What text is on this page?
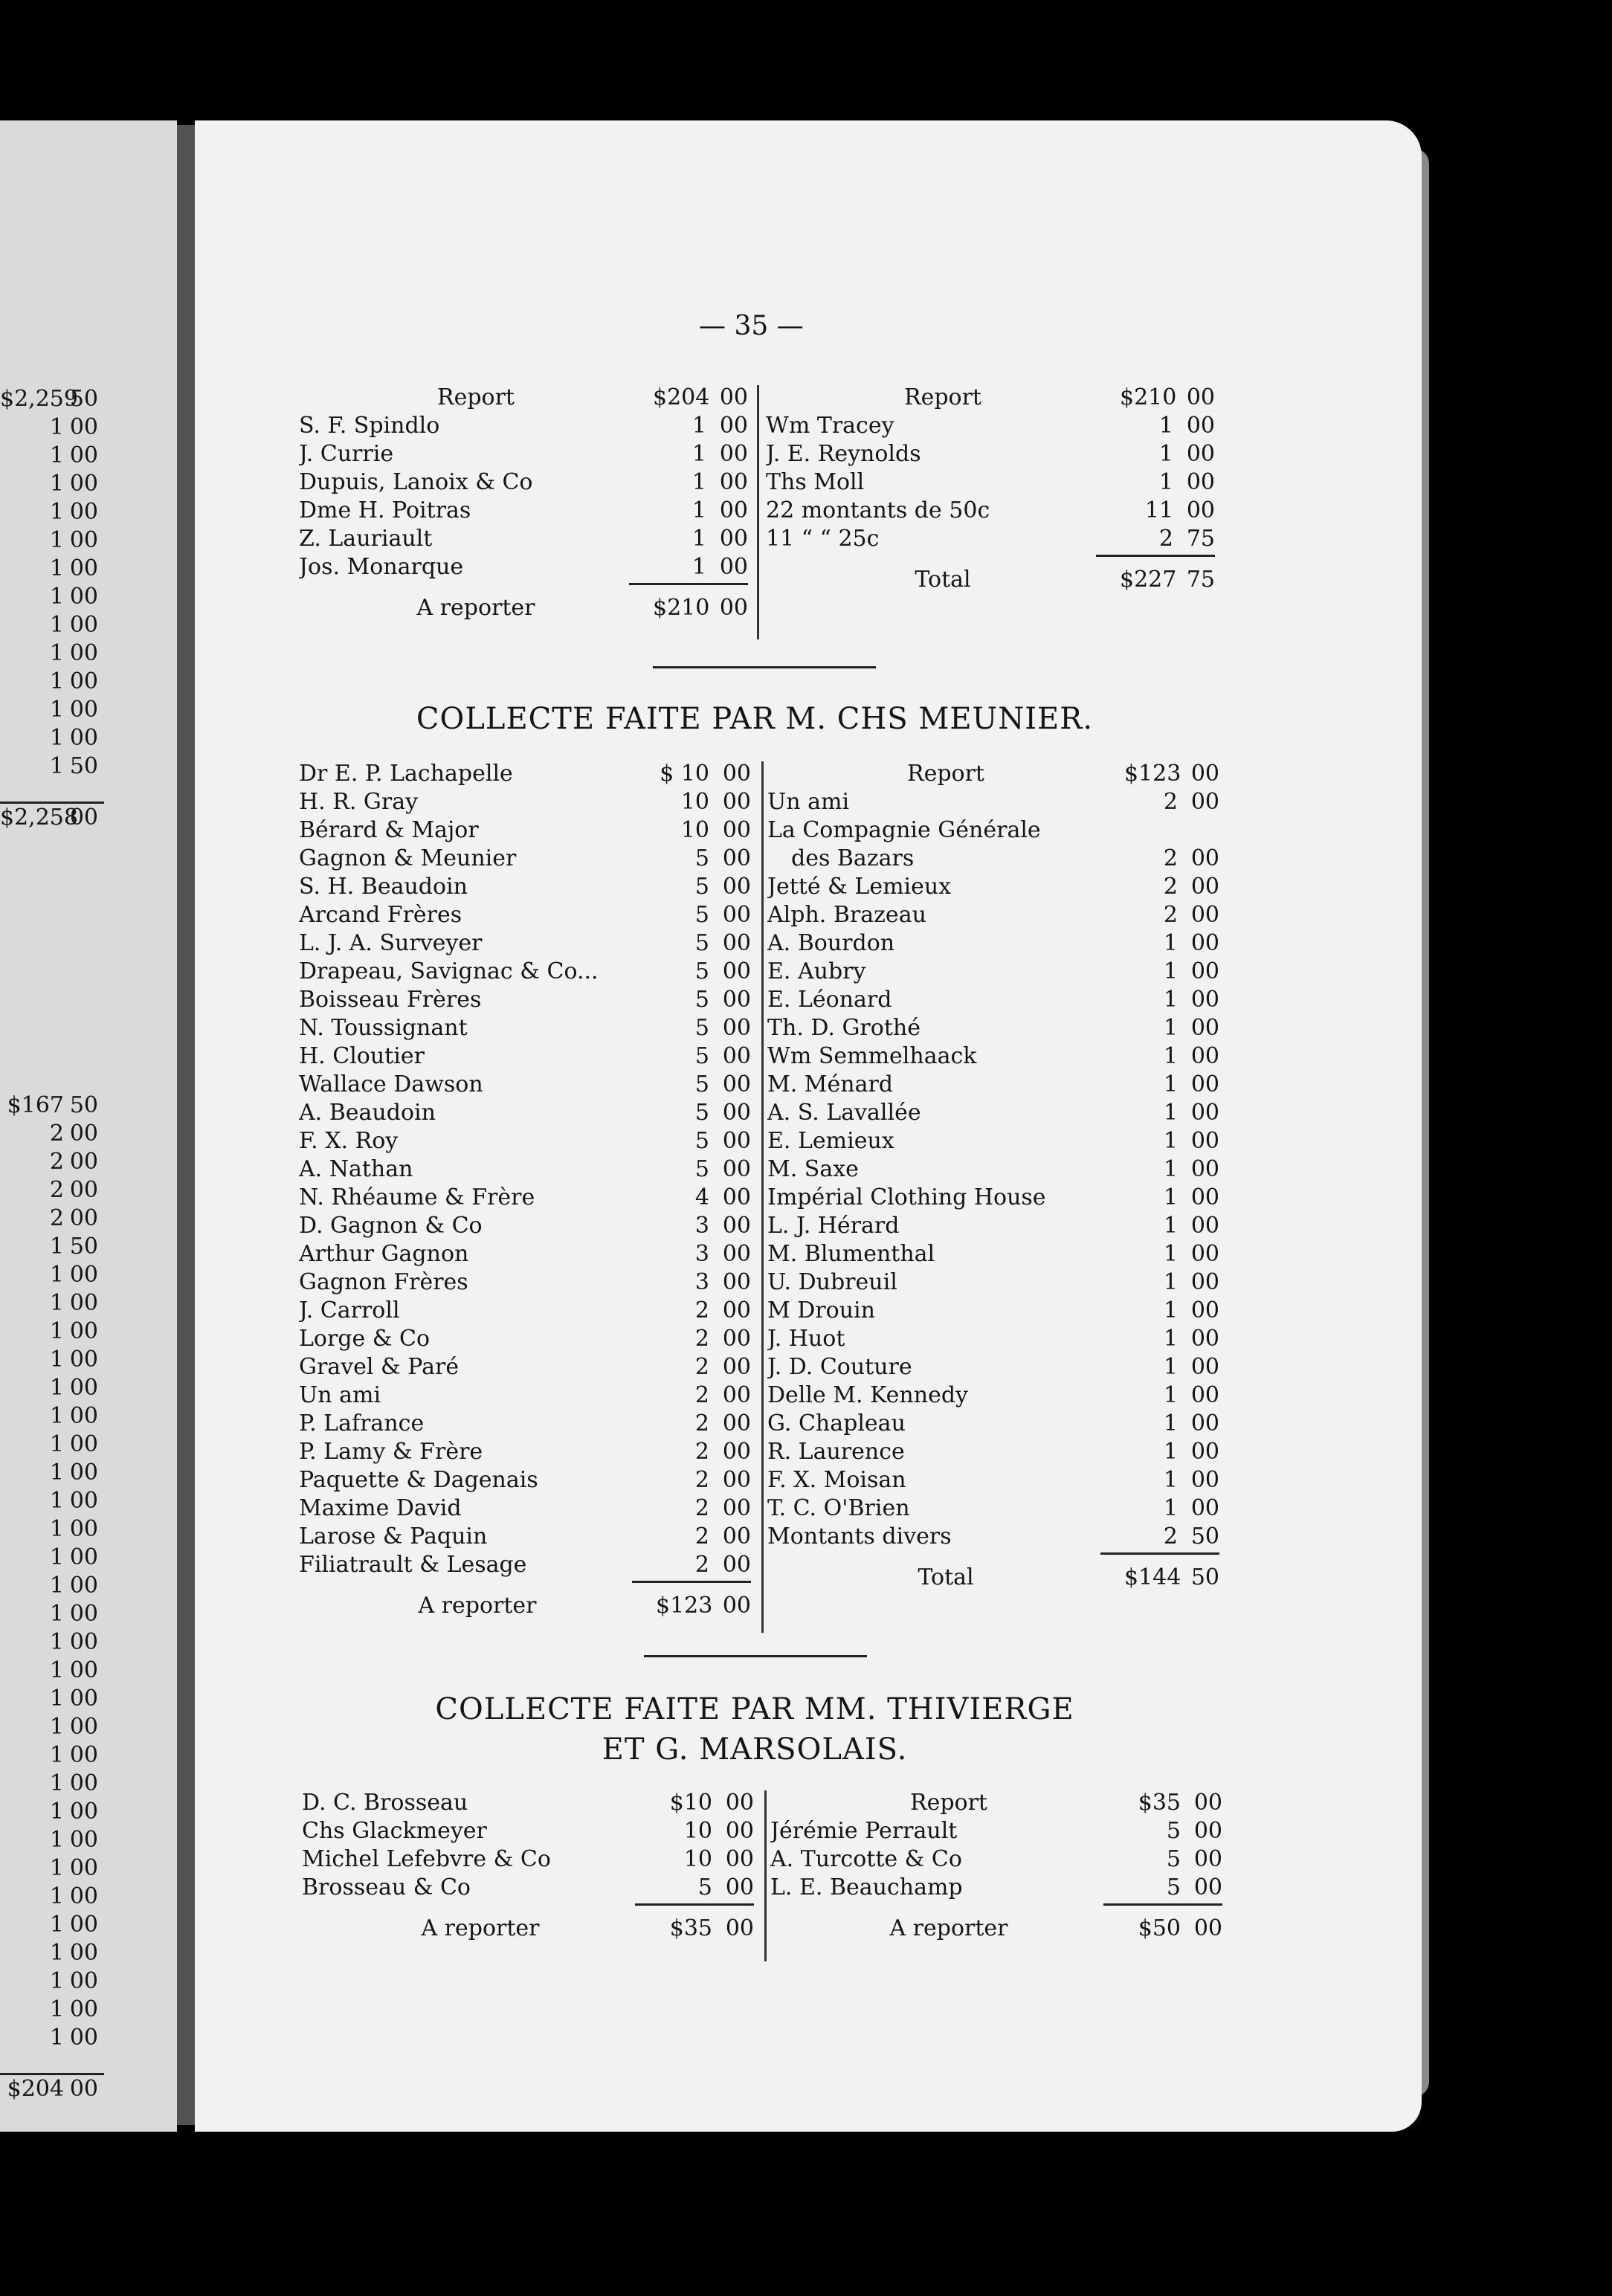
$2,25950
1 00
1 00
1 00
1 00
1 00
1 00
1 00
1 00
1 00
1 00
1 00
1 00
1 50
$2,25800
$167 50
2 00
2 00
2 00
2 00
1 50
1 00
1 00
1 00
1 00
1 00
1 00
1 00
1 00
1 00
1 00
1 00
1 00
1 00
1 00
1 00
1 00
1 00
1 00
1 00
1 00
1 00
1 00
1 00
1 00
1 00
1 00
1 00
1 00
$204 00
— 35 —
Report	$204 00
S. F. Spindlo	1 00
J. Currie	1 00
Dupuis, Lanoix & Co	1 00
Dme H. Poitras	1 00
Z. Lauriault	1 00
Jos. Monarque	1 00
A reporter	$210 00
Report	$210 00
Wm Tracey	1 00
J. E. Reynolds	1 00
Ths Moll	1 00
22 montants de 50c	11 00
11 “ “ 25c	2 75
Total	$227 75
COLLECTE FAITE PAR M. CHS MEUNIER.
Dr E. P. Lachapelle	$ 10 00
H. R. Gray	10 00
Bérard & Major	10 00
Gagnon & Meunier	5 00
S. H. Beaudoin	5 00
Arcand Frères	5 00
L. J. A. Surveyer	5 00
Drapeau, Savignac & Co...	5 00
Boisseau Frères	5 00
N. Toussignant	5 00
H. Cloutier	5 00
Wallace Dawson	5 00
A. Beaudoin	5 00
F. X. Roy	5 00
A. Nathan	5 00
N. Rhéaume & Frère	4 00
D. Gagnon & Co	3 00
Arthur Gagnon	3 00
Gagnon Frères	3 00
J. Carroll	2 00
Lorge & Co	2 00
Gravel & Paré	2 00
Un ami	2 00
P. Lafrance	2 00
P. Lamy & Frère	2 00
Paquette & Dagenais	2 00
Maxime David	2 00
Larose & Paquin	2 00
Filiatrault & Lesage	2 00
A reporter	$123 00
Report	$123 00
Un ami	2 00
La Compagnie Générale
des Bazars	2 00
Jetté & Lemieux	2 00
Alph. Brazeau	2 00
A. Bourdon	1 00
E. Aubry	1 00
E. Léonard	1 00
Th. D. Grothé	1 00
Wm Semmelhaack	1 00
M. Ménard	1 00
A. S. Lavallée	1 00
E. Lemieux	1 00
M. Saxe	1 00
Impérial Clothing House	1 00
L. J. Hérard	1 00
M. Blumenthal	1 00
U. Dubreuil	1 00
M Drouin	1 00
J. Huot	1 00
J. D. Couture	1 00
Delle M. Kennedy	1 00
G. Chapleau	1 00
R. Laurence	1 00
F. X. Moisan	1 00
T. C. O'Brien	1 00
Montants divers	2 50
Total	$144 50
COLLECTE FAITE PAR MM. THIVIERGE
ET G. MARSOLAIS.
D. C. Brosseau	$10 00
Chs Glackmeyer	10 00
Michel Lefebvre & Co	10 00
Brosseau & Co	5 00
A reporter	$35 00
Report	$35 00
Jérémie Perrault	5 00
A. Turcotte & Co	5 00
L. E. Beauchamp	5 00
A reporter	$50 00
